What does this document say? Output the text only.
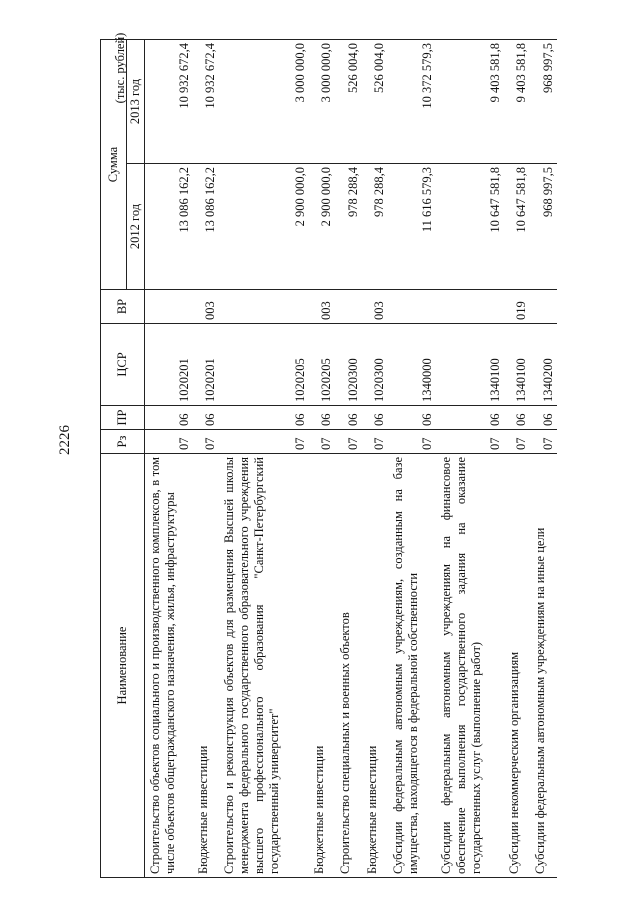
2226
(тыс. рублей)
Наименование	Рз	ПР	ЦСР	ВР	Сумма	
					2012 год	2013 год
Строительство объектов социального и производственного комплексов, в том числе объектов общегражданского назначения, жилья, инфраструктуры	07	06	1020201		13 086 162,2	10 932 672,4
Бюджетные инвестиции	07	06	1020201	003	13 086 162,2	10 932 672,4
Строительство и реконструкция объектов для размещения Высшей школы менеджмента федерального государственного образовательного учреждения высшего профессионального образования "Санкт-Петербургский государственный университет"	07	06	1020205		2 900 000,0	3 000 000,0
Бюджетные инвестиции	07	06	1020205	003	2 900 000,0	3 000 000,0
Строительство специальных и военных объектов	07	06	1020300		978 288,4	526 004,0
Бюджетные инвестиции	07	06	1020300	003	978 288,4	526 004,0
Субсидии федеральным автономным учреждениям, созданным на базе имущества, находящегося в федеральной собственности	07	06	1340000		11 616 579,3	10 372 579,3
Субсидии федеральным автономным учреждениям на финансовое обеспечение выполнения государственного задания на оказание государственных услуг (выполнение работ)	07	06	1340100		10 647 581,8	9 403 581,8
Субсидии некоммерческим организациям	07	06	1340100	019	10 647 581,8	9 403 581,8
Субсидии федеральным автономным учреждениям на иные цели	07	06	1340200		968 997,5	968 997,5
